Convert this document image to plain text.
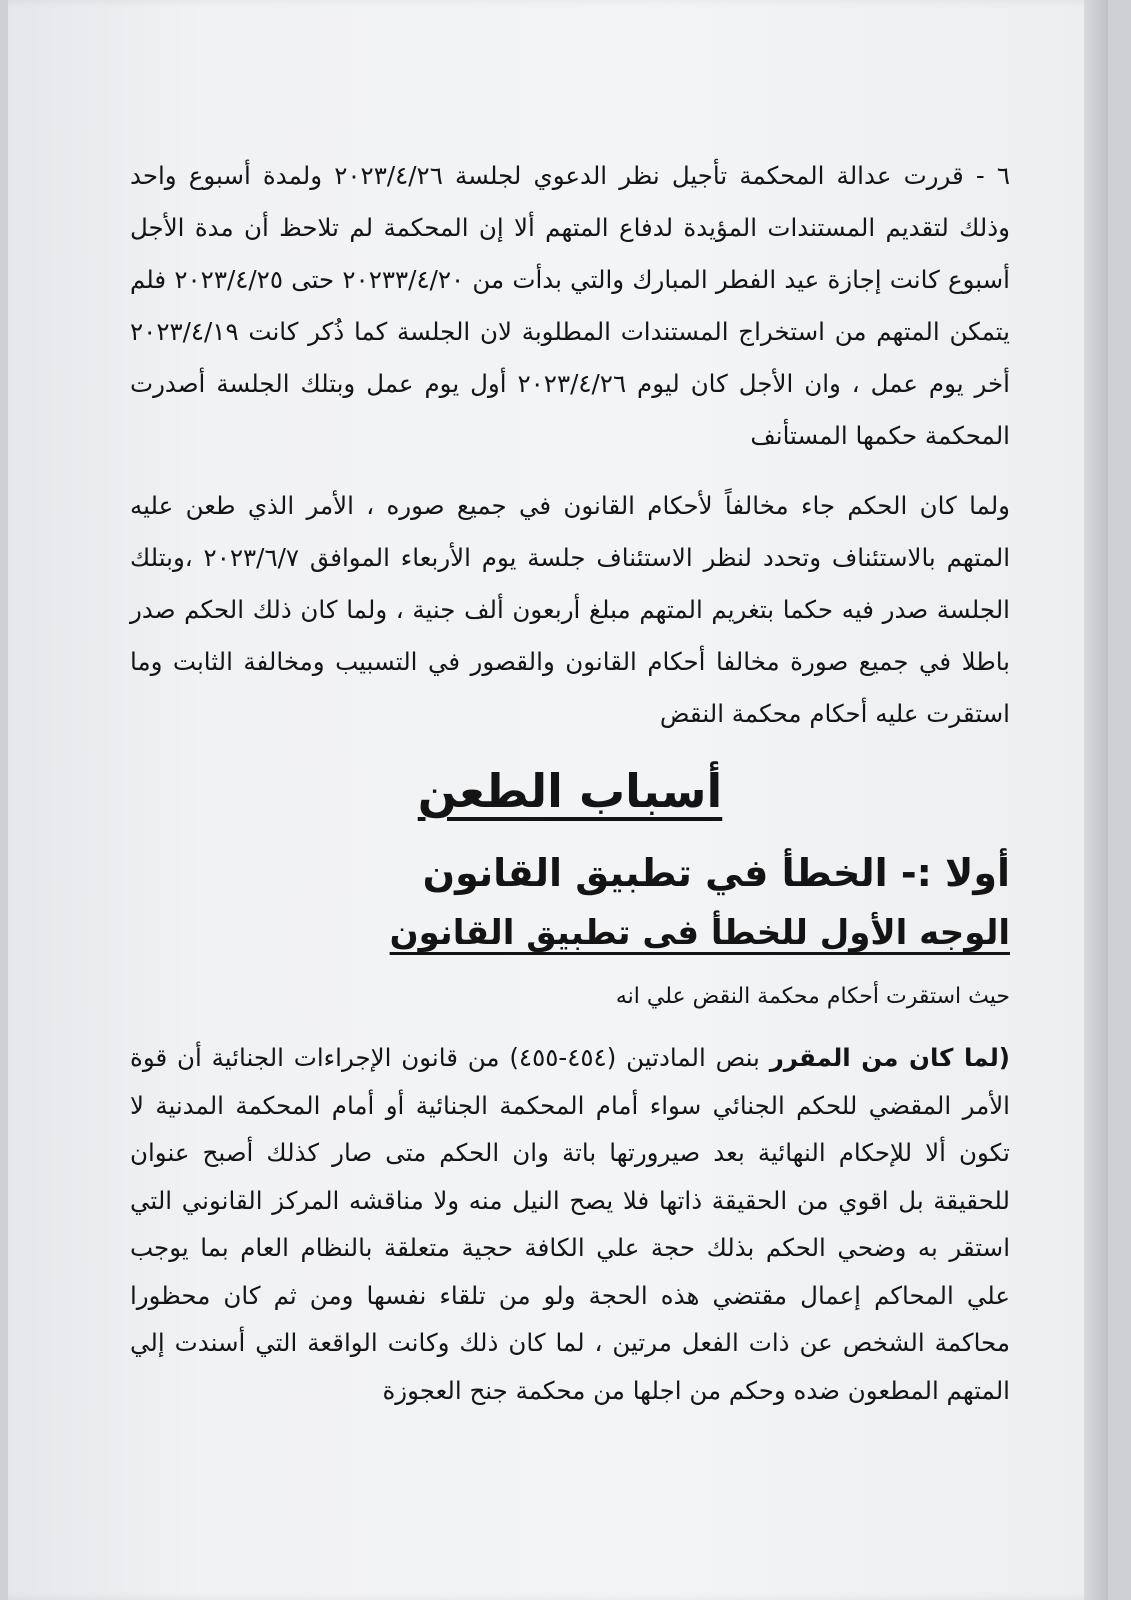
٦ - قررت عدالة المحكمة تأجيل نظر الدعوي لجلسة ٢٠٢٣/٤/٢٦ ولمدة أسبوع واحد وذلك لتقديم المستندات المؤيدة لدفاع المتهم ألا إن المحكمة لم تلاحظ أن مدة الأجل أسبوع كانت إجازة عيد الفطر المبارك والتي بدأت من ٢٠٢٣٣/٤/٢٠ حتى ٢٠٢٣/٤/٢٥ فلم يتمكن المتهم من استخراج المستندات المطلوبة لان الجلسة كما ذُكر كانت ٢٠٢٣/٤/١٩ أخر يوم عمل ، وان الأجل كان ليوم ٢٠٢٣/٤/٢٦ أول يوم عمل وبتلك الجلسة أصدرت المحكمة حكمها المستأنف

ولما كان الحكم جاء مخالفاً لأحكام القانون في جميع صوره ، الأمر الذي طعن عليه المتهم بالاستئناف وتحدد لنظر الاستئناف جلسة يوم الأربعاء الموافق ٢٠٢٣/٦/٧ ،وبتلك الجلسة صدر فيه حكما بتغريم المتهم مبلغ أربعون ألف جنية ، ولما كان ذلك الحكم صدر باطلا في جميع صورة مخالفا أحكام القانون والقصور في التسبيب ومخالفة الثابت وما استقرت عليه أحكام محكمة النقض

أسباب الطعن
أولا :- الخطأ في تطبيق القانون
الوجه الأول للخطأ فى تطبيق القانون

حيث استقرت أحكام محكمة النقض علي انه

(لما كان من المقرر بنص المادتين (٤٥٤-٤٥٥) من قانون الإجراءات الجنائية أن قوة الأمر المقضي للحكم الجنائي سواء أمام المحكمة الجنائية أو أمام المحكمة المدنية لا تكون ألا للإحكام النهائية بعد صيرورتها باتة وان الحكم متى صار كذلك أصبح عنوان للحقيقة بل اقوي من الحقيقة ذاتها فلا يصح النيل منه ولا مناقشه المركز القانوني التي استقر به وضحي الحكم بذلك حجة علي الكافة حجية متعلقة بالنظام العام بما يوجب علي المحاكم إعمال مقتضي هذه الحجة ولو من تلقاء نفسها ومن ثم كان محظورا محاكمة الشخص عن ذات الفعل مرتين ، لما كان ذلك وكانت الواقعة التي أسندت إلي المتهم المطعون ضده وحكم من اجلها من محكمة جنح العجوزة
